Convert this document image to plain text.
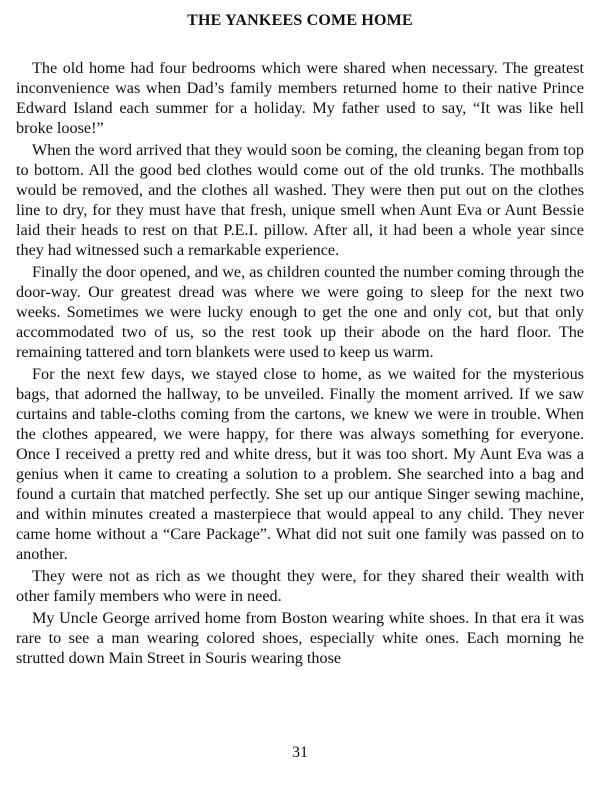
THE YANKEES COME HOME

The old home had four bedrooms which were shared when necessary. The greatest inconvenience was when Dad’s family members returned home to their native Prince Edward Island each summer for a holiday. My father used to say, “It was like hell broke loose!”

When the word arrived that they would soon be coming, the cleaning began from top to bottom. All the good bed clothes would come out of the old trunks. The mothballs would be removed, and the clothes all washed. They were then put out on the clothes line to dry, for they must have that fresh, unique smell when Aunt Eva or Aunt Bessie laid their heads to rest on that P.E.I. pillow. After all, it had been a whole year since they had witnessed such a remarkable experience.

Finally the door opened, and we, as children counted the number coming through the door-way. Our greatest dread was where we were going to sleep for the next two weeks. Sometimes we were lucky enough to get the one and only cot, but that only accommodated two of us, so the rest took up their abode on the hard floor. The remaining tattered and torn blankets were used to keep us warm.

For the next few days, we stayed close to home, as we waited for the mysterious bags, that adorned the hallway, to be unveiled. Finally the moment arrived. If we saw curtains and table-cloths coming from the cartons, we knew we were in trouble. When the clothes appeared, we were happy, for there was always something for everyone. Once I received a pretty red and white dress, but it was too short. My Aunt Eva was a genius when it came to creating a solution to a problem. She searched into a bag and found a curtain that matched perfectly. She set up our antique Singer sewing machine, and within minutes created a masterpiece that would appeal to any child. They never came home without a “Care Package”. What did not suit one family was passed on to another.

They were not as rich as we thought they were, for they shared their wealth with other family members who were in need.

My Uncle George arrived home from Boston wearing white shoes. In that era it was rare to see a man wearing colored shoes, especially white ones. Each morning he strutted down Main Street in Souris wearing those

31
